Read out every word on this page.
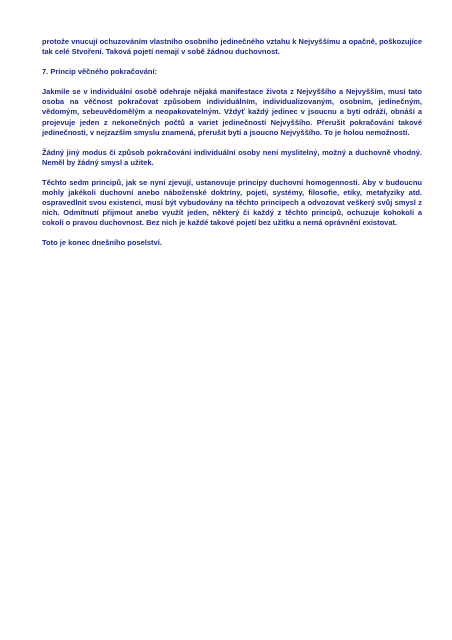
protože vnucují ochuzováním vlastního osobního jedinečného vztahu k Nejvyššímu a opačně, poškozujíce tak celé Stvoření. Taková pojetí nemají v sobě žádnou duchovnost.

7. Princip věčného pokračování:

Jakmile se v individuální osobě odehraje nějaká manifestace života z Nejvyššího a Nejvyšším, musí tato osoba na věčnost pokračovat způsobem individuálním, individualizovaným, osobním, jedinečným, vědomým, sebeuvědomělým a neopakovatelným. Vždyť každý jedinec v jsoucnu a bytí odráží, obnáší a projevuje jeden z nekonečných počtů a variet jedinečností Nejvyššího. Přerušit pokračování takové jedinečnosti, v nejzazším smyslu znamená, přerušit bytí a jsoucno Nejvyššího. To je holou nemožností.

Žádný jiný modus či způsob pokračování individuální osoby není myslitelný, možný a duchovně vhodný. Neměl by žádný smysl a užitek.

Těchto sedm principů, jak se nyní zjevují, ustanovuje principy duchovní homogennosti. Aby v budoucnu mohly jakékoli duchovní anebo náboženské doktríny, pojetí, systémy, filosofie, etiky, metafyziky atd. ospravedlnit svou existenci, musí být vybudovány na těchto principech a odvozovat veškerý svůj smysl z nich. Odmítnutí přijmout anebo využít jeden, některý či každý z těchto principů, ochuzuje kohokoli a cokoli o pravou duchovnost. Bez nich je každé takové pojetí bez užitku a nemá oprávnění existovat.

Toto je konec dnešního poselství.
